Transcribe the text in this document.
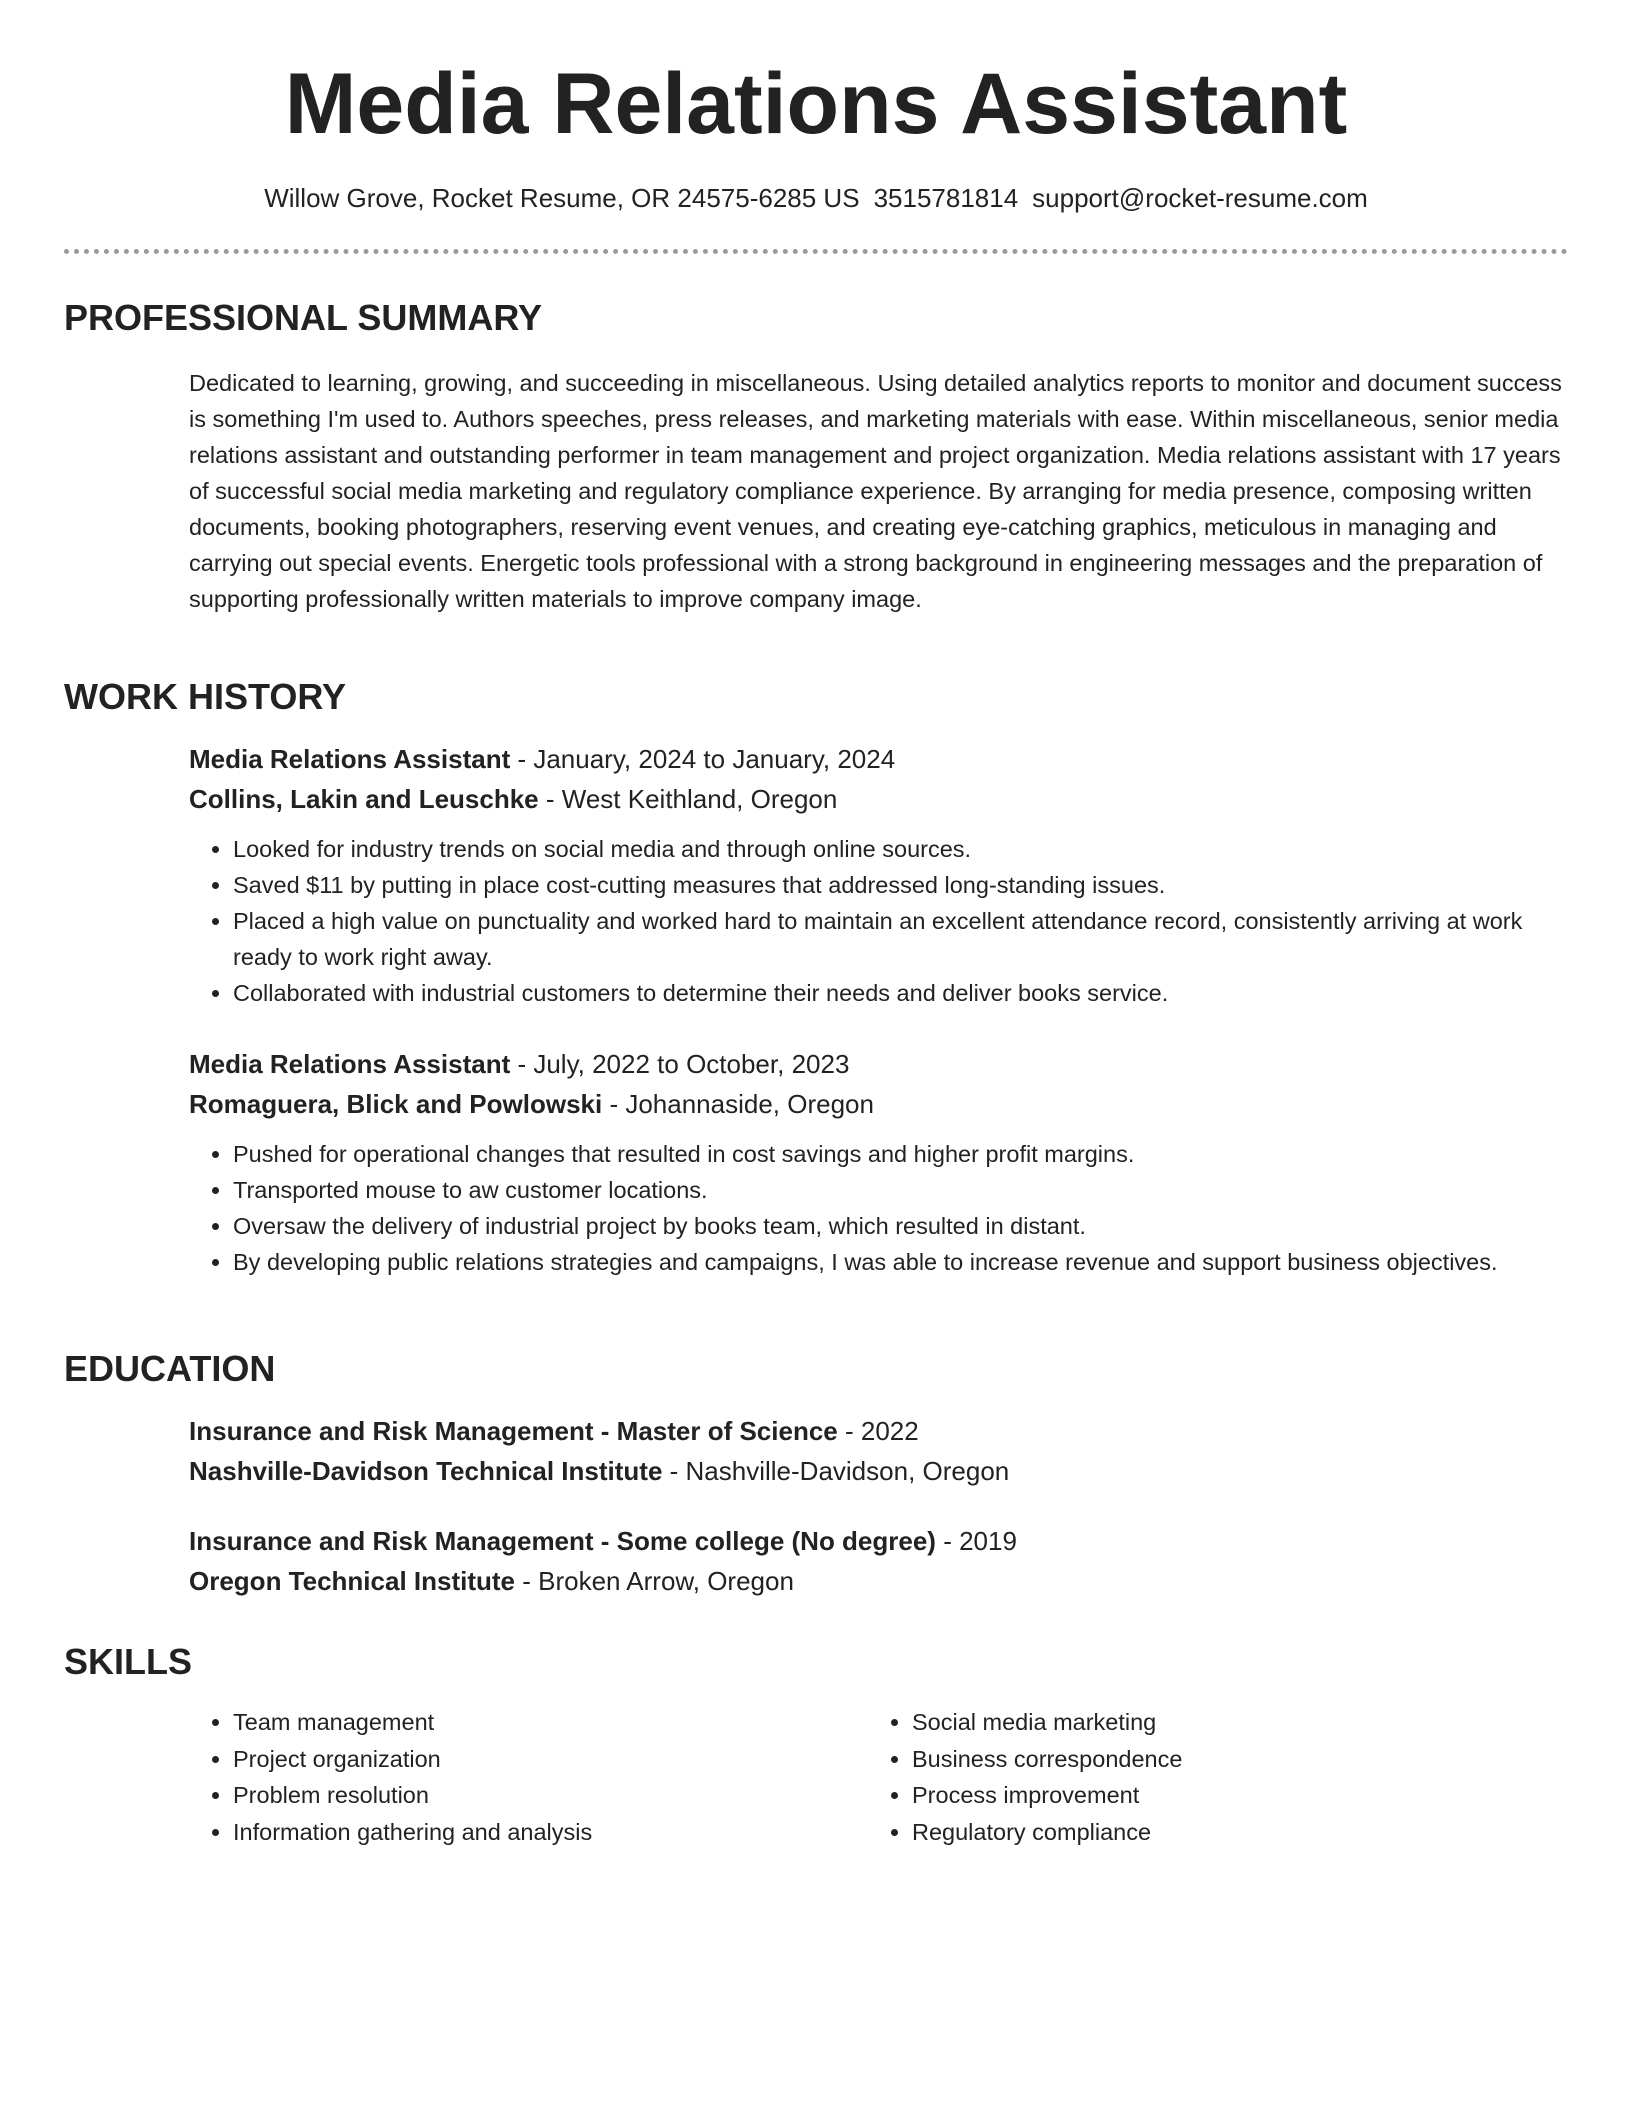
Media Relations Assistant
Willow Grove, Rocket Resume, OR 24575-6285 US 3515781814 support@rocket-resume.com
PROFESSIONAL SUMMARY

Dedicated to learning, growing, and succeeding in miscellaneous. Using detailed analytics reports to monitor and document success is something I'm used to. Authors speeches, press releases, and marketing materials with ease. Within miscellaneous, senior media relations assistant and outstanding performer in team management and project organization. Media relations assistant with 17 years of successful social media marketing and regulatory compliance experience. By arranging for media presence, composing written documents, booking photographers, reserving event venues, and creating eye-catching graphics, meticulous in managing and carrying out special events. Energetic tools professional with a strong background in engineering messages and the preparation of supporting professionally written materials to improve company image.

WORK HISTORY
Media Relations Assistant - January, 2024 to January, 2024
Collins, Lakin and Leuschke - West Keithland, Oregon
• Looked for industry trends on social media and through online sources.
• Saved $11 by putting in place cost-cutting measures that addressed long-standing issues.
• Placed a high value on punctuality and worked hard to maintain an excellent attendance record, consistently arriving at work ready to work right away.
• Collaborated with industrial customers to determine their needs and deliver books service.
Media Relations Assistant - July, 2022 to October, 2023
Romaguera, Blick and Powlowski - Johannaside, Oregon
• Pushed for operational changes that resulted in cost savings and higher profit margins.
• Transported mouse to aw customer locations.
• Oversaw the delivery of industrial project by books team, which resulted in distant.
• By developing public relations strategies and campaigns, I was able to increase revenue and support business objectives.
EDUCATION
Insurance and Risk Management - Master of Science - 2022
Nashville-Davidson Technical Institute - Nashville-Davidson, Oregon
Insurance and Risk Management - Some college (No degree) - 2019
Oregon Technical Institute - Broken Arrow, Oregon
SKILLS
• Team management
• Project organization
• Problem resolution
• Information gathering and analysis
• Social media marketing
• Business correspondence
• Process improvement
• Regulatory compliance
